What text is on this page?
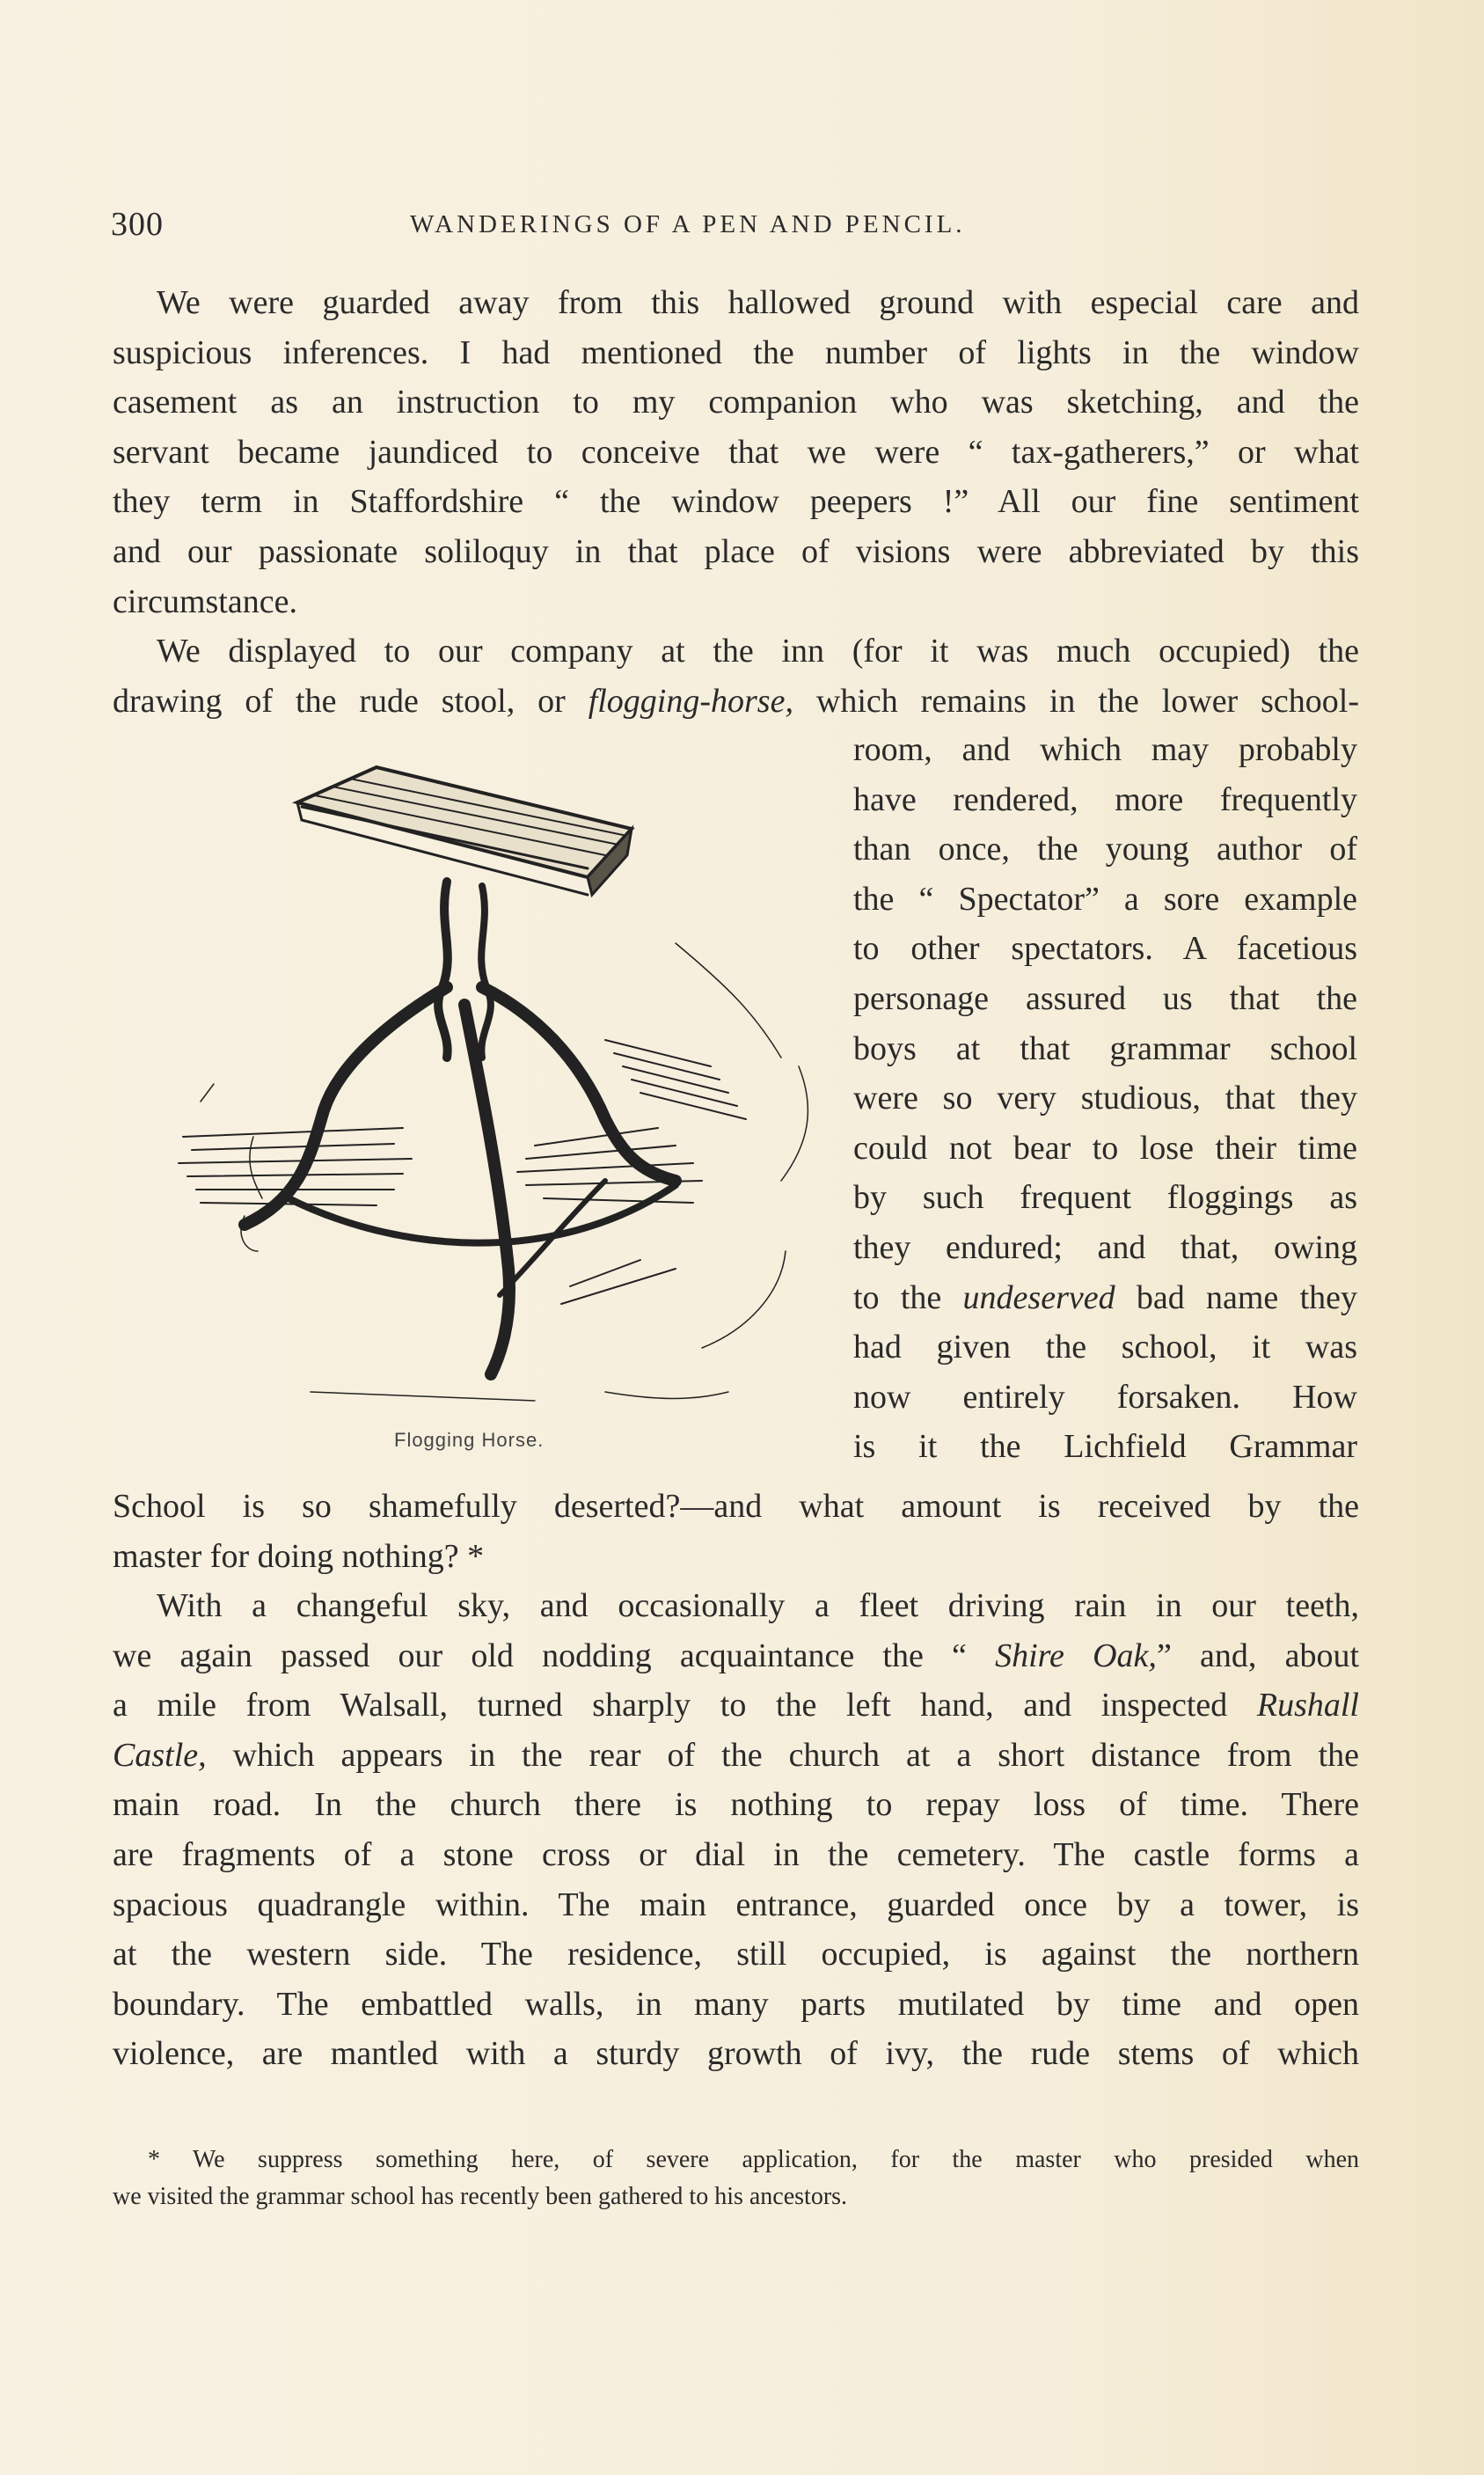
300	WANDERINGS OF A PEN AND PENCIL.
We were guarded away from this hallowed ground with especial care and
suspicious inferences. I had mentioned the number of lights in the window
casement as an instruction to my companion who was sketching, and the
servant became jaundiced to conceive that we were “ tax-gatherers,” or what
they term in Staffordshire “ the window peepers !” All our fine sentiment
and our passionate soliloquy in that place of visions were abbreviated by this
circumstance.
We displayed to our company at the inn (for it was much occupied) the
drawing of the rude stool, or flogging-horse, which remains in the lower school-
Flogging Horse.
room, and which may probably
have rendered, more frequently
than once, the young author of
the “ Spectator” a sore example
to other spectators. A facetious
personage assured us that the
boys at that grammar school
were so very studious, that they
could not bear to lose their time
by such frequent floggings as
they endured; and that, owing
to the undeserved bad name they
had given the school, it was
now entirely forsaken. How
is it the Lichfield Grammar
School is so shamefully deserted?—and what amount is received by the
master for doing nothing? *
With a changeful sky, and occasionally a fleet driving rain in our teeth,
we again passed our old nodding acquaintance the “ Shire Oak,” and, about
a mile from Walsall, turned sharply to the left hand, and inspected Rushall
Castle, which appears in the rear of the church at a short distance from the
main road. In the church there is nothing to repay loss of time. There
are fragments of a stone cross or dial in the cemetery. The castle forms a
spacious quadrangle within. The main entrance, guarded once by a tower, is
at the western side. The residence, still occupied, is against the northern
boundary. The embattled walls, in many parts mutilated by time and open
violence, are mantled with a sturdy growth of ivy, the rude stems of which
* We suppress something here, of severe application, for the master who presided when
we visited the grammar school has recently been gathered to his ancestors.
